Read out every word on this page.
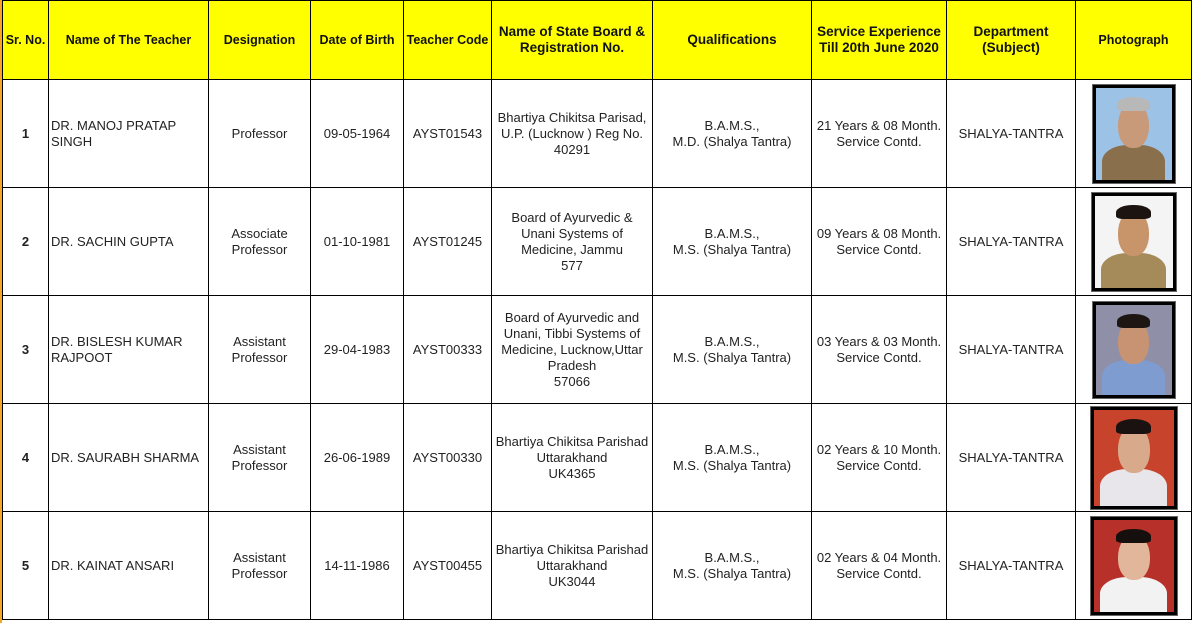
Sr. No.	Name of The Teacher	Designation	Date of Birth	Teacher Code	Name of State Board & Registration No.	Qualifications	Service Experience Till 20th June 2020	Department (Subject)	Photograph
1	DR. MANOJ PRATAP SINGH	Professor	09-05-1964	AYST01543	Bhartiya Chikitsa Parisad, U.P. (Lucknow ) Reg No. 40291	B.A.M.S.,
M.D. (Shalya Tantra)	21 Years & 08 Month.
Service Contd.	SHALYA-TANTRA	

2	DR. SACHIN GUPTA	Associate Professor	01-10-1981	AYST01245	Board of Ayurvedic & Unani Systems of Medicine, Jammu
577	B.A.M.S.,
M.S. (Shalya Tantra)	09 Years & 08 Month.
Service Contd.	SHALYA-TANTRA	

3	DR. BISLESH KUMAR
RAJPOOT	Assistant Professor	29-04-1983	AYST00333	Board of Ayurvedic and Unani, Tibbi Systems of Medicine, Lucknow,Uttar Pradesh
57066	B.A.M.S.,
M.S. (Shalya Tantra)	03 Years & 03 Month.
Service Contd.	SHALYA-TANTRA	

4	DR. SAURABH SHARMA	Assistant Professor	26-06-1989	AYST00330	Bhartiya Chikitsa Parishad
Uttarakhand
UK4365	B.A.M.S.,
M.S. (Shalya Tantra)	02 Years & 10 Month.
Service Contd.	SHALYA-TANTRA	

5	DR. KAINAT ANSARI	Assistant Professor	14-11-1986	AYST00455	Bhartiya Chikitsa Parishad
Uttarakhand
UK3044	B.A.M.S.,
M.S. (Shalya Tantra)	02 Years & 04 Month.
Service Contd.	SHALYA-TANTRA	
